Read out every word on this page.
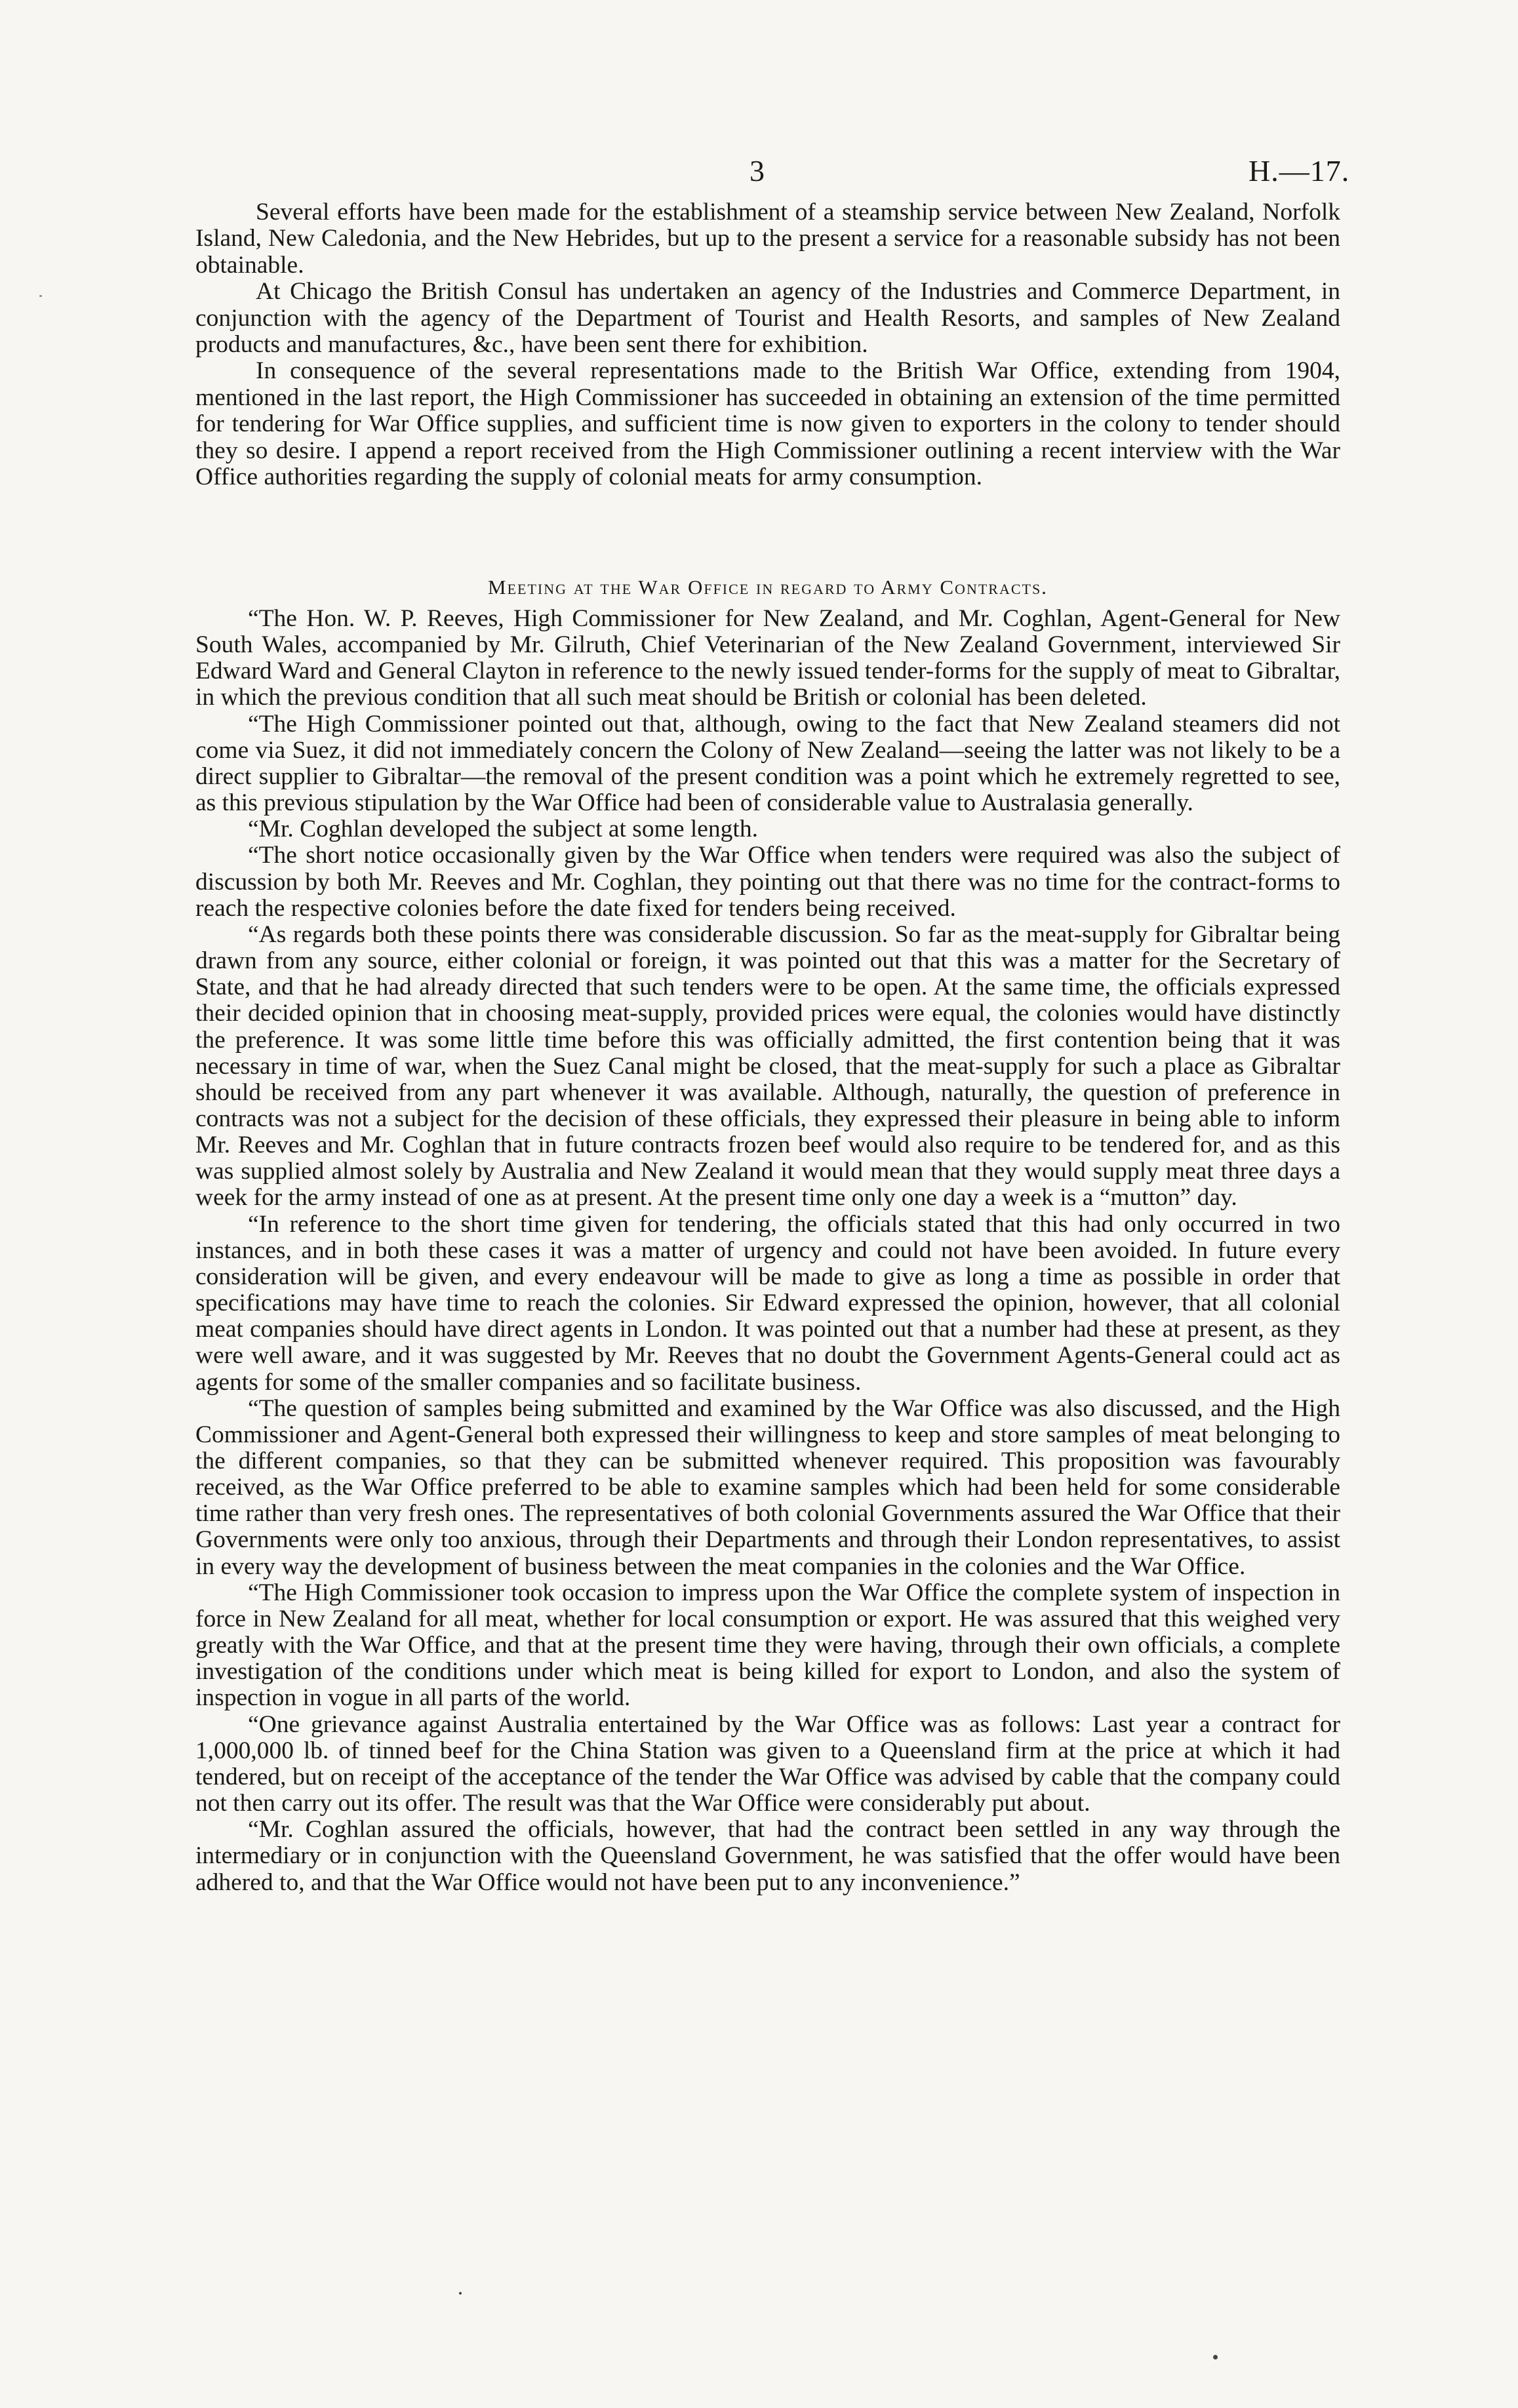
3	H.—17.

Several efforts have been made for the establishment of a steamship service between New Zealand, Norfolk Island, New Caledonia, and the New Hebrides, but up to the present a service for a reasonable subsidy has not been obtainable.

At Chicago the British Consul has undertaken an agency of the Industries and Commerce Department, in conjunction with the agency of the Department of Tourist and Health Resorts, and samples of New Zealand products and manufactures, &c., have been sent there for exhibition.

In consequence of the several representations made to the British War Office, extending from 1904, mentioned in the last report, the High Commissioner has succeeded in obtaining an extension of the time permitted for tendering for War Office supplies, and sufficient time is now given to exporters in the colony to tender should they so desire. I append a report received from the High Commissioner outlining a recent interview with the War Office authorities regarding the supply of colonial meats for army consumption.

Meeting at the War Office in regard to Army Contracts.

“The Hon. W. P. Reeves, High Commissioner for New Zealand, and Mr. Coghlan, Agent-General for New South Wales, accompanied by Mr. Gilruth, Chief Veterinarian of the New Zealand Government, interviewed Sir Edward Ward and General Clayton in reference to the newly issued tender-forms for the supply of meat to Gibraltar, in which the previous condition that all such meat should be British or colonial has been deleted.

“The High Commissioner pointed out that, although, owing to the fact that New Zealand steamers did not come via Suez, it did not immediately concern the Colony of New Zealand—seeing the latter was not likely to be a direct supplier to Gibraltar—the removal of the present condition was a point which he extremely regretted to see, as this previous stipulation by the War Office had been of considerable value to Australasia generally.

“Mr. Coghlan developed the subject at some length.

“The short notice occasionally given by the War Office when tenders were required was also the subject of discussion by both Mr. Reeves and Mr. Coghlan, they pointing out that there was no time for the contract-forms to reach the respective colonies before the date fixed for tenders being received.

“As regards both these points there was considerable discussion. So far as the meat-supply for Gibraltar being drawn from any source, either colonial or foreign, it was pointed out that this was a matter for the Secretary of State, and that he had already directed that such tenders were to be open. At the same time, the officials expressed their decided opinion that in choosing meat-supply, provided prices were equal, the colonies would have distinctly the preference. It was some little time before this was officially admitted, the first contention being that it was necessary in time of war, when the Suez Canal might be closed, that the meat-supply for such a place as Gibraltar should be received from any part whenever it was available. Although, naturally, the question of preference in contracts was not a subject for the decision of these officials, they expressed their pleasure in being able to inform Mr. Reeves and Mr. Coghlan that in future contracts frozen beef would also require to be tendered for, and as this was supplied almost solely by Australia and New Zealand it would mean that they would supply meat three days a week for the army instead of one as at present. At the present time only one day a week is a “mutton” day.

“In reference to the short time given for tendering, the officials stated that this had only occurred in two instances, and in both these cases it was a matter of urgency and could not have been avoided. In future every consideration will be given, and every endeavour will be made to give as long a time as possible in order that specifications may have time to reach the colonies. Sir Edward expressed the opinion, however, that all colonial meat companies should have direct agents in London. It was pointed out that a number had these at present, as they were well aware, and it was suggested by Mr. Reeves that no doubt the Government Agents-General could act as agents for some of the smaller companies and so facilitate business.

“The question of samples being submitted and examined by the War Office was also discussed, and the High Commissioner and Agent-General both expressed their willingness to keep and store samples of meat belonging to the different companies, so that they can be submitted whenever required. This proposition was favourably received, as the War Office preferred to be able to examine samples which had been held for some considerable time rather than very fresh ones. The representatives of both colonial Governments assured the War Office that their Governments were only too anxious, through their Departments and through their London representatives, to assist in every way the development of business between the meat companies in the colonies and the War Office.

“The High Commissioner took occasion to impress upon the War Office the complete system of inspection in force in New Zealand for all meat, whether for local consumption or export. He was assured that this weighed very greatly with the War Office, and that at the present time they were having, through their own officials, a complete investigation of the conditions under which meat is being killed for export to London, and also the system of inspection in vogue in all parts of the world.

“One grievance against Australia entertained by the War Office was as follows: Last year a contract for 1,000,000 lb. of tinned beef for the China Station was given to a Queensland firm at the price at which it had tendered, but on receipt of the acceptance of the tender the War Office was advised by cable that the company could not then carry out its offer. The result was that the War Office were considerably put about.

“Mr. Coghlan assured the officials, however, that had the contract been settled in any way through the intermediary or in conjunction with the Queensland Government, he was satisfied that the offer would have been adhered to, and that the War Office would not have been put to any inconvenience.”
